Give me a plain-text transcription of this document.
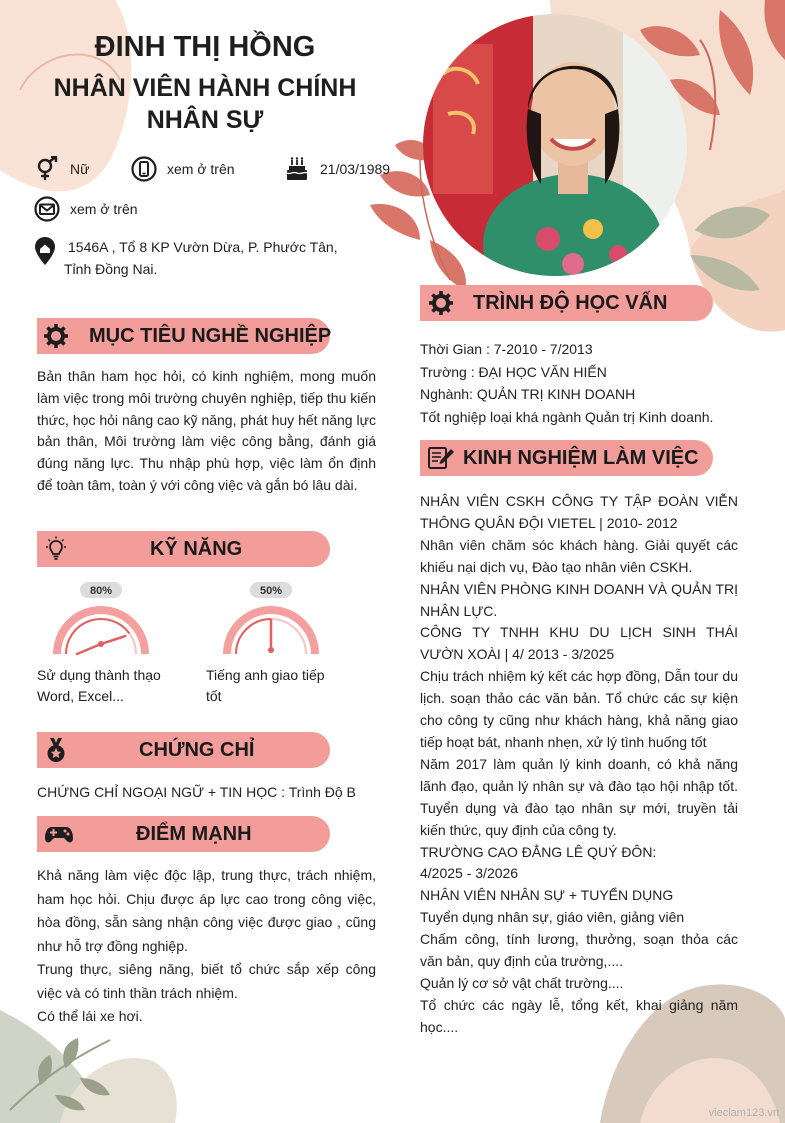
ĐINH THỊ HỒNG
NHÂN VIÊN HÀNH CHÍNH
NHÂN SỰ
Nữ	xem ở trên	21/03/1989
xem ở trên
1546A , Tổ 8 KP Vườn Dừa, P. Phước Tân,
Tỉnh Đồng Nai.
MỤC TIÊU NGHỀ NGHIỆP
Bản thân ham học hỏi, có kinh nghiệm, mong muốn làm việc trong môi trường chuyên nghiệp, tiếp thu kiến thức, học hỏi nâng cao kỹ năng, phát huy hết năng lực bản thân, Môi trường làm việc công bằng, đánh giá đúng năng lực. Thu nhập phù hợp, việc làm ổn định để toàn tâm, toàn ý với công việc và gắn bó lâu dài.
KỸ NĂNG
80%
Sử dụng thành thạo
Word, Excel...
50%
Tiếng anh giao tiếp
tốt
CHỨNG CHỈ
CHỨNG CHỈ NGOẠI NGỮ + TIN HỌC : Trình Độ B
ĐIỂM MẠNH
Khả năng làm việc độc lập, trung thực, trách nhiệm, ham học hỏi. Chịu được áp lực cao trong công việc, hòa đồng, sẵn sàng nhận công việc được giao , cũng như hỗ trợ đồng nghiệp.
Trung thực, siêng năng, biết tổ chức sắp xếp công việc và có tinh thần trách nhiệm.
Có thể lái xe hơi.
TRÌNH ĐỘ HỌC VẤN
Thời Gian : 7-2010 - 7/2013
Trường : ĐẠI HỌC VĂN HIẾN
Nghành: QUẢN TRỊ KINH DOANH
Tốt nghiệp loại khá ngành Quản trị Kinh doanh.
KINH NGHIỆM LÀM VIỆC
NHÂN VIÊN CSKH CÔNG TY TẬP ĐOÀN VIỄN THÔNG QUÂN ĐỘI VIETEL | 2010- 2012
Nhân viên chăm sóc khách hàng. Giải quyết các khiếu nại dịch vụ, Đào tạo nhân viên CSKH.
NHÂN VIÊN PHÒNG KINH DOANH VÀ QUẢN TRỊ NHÂN LỰC.
CÔNG TY TNHH KHU DU LỊCH SINH THÁI VƯỜN XOÀI | 4/ 2013 - 3/2025
Chịu trách nhiệm ký kết các hợp đồng, Dẫn tour du lịch. soạn thảo các văn bản. Tổ chức các sự kiện cho công ty cũng như khách hàng, khả năng giao tiếp hoạt bát, nhanh nhẹn, xử lý tình huống tốt
Năm 2017 làm quản lý kinh doanh, có khả năng lãnh đạo, quản lý nhân sự và đào tạo hội nhập tốt. Tuyển dụng và đào tạo nhân sự mới, truyền tải kiến thức, quy định của công ty.
TRƯỜNG CAO ĐẲNG LÊ QUÝ ĐÔN:
4/2025 - 3/2026
NHÂN VIÊN NHÂN SỰ + TUYỂN DỤNG
Tuyển dụng nhân sự, giáo viên, giảng viên
Chấm công, tính lương, thưởng, soạn thỏa các văn bản, quy định của trường,....
Quản lý cơ sở vật chất trường....
Tổ chức các ngày lễ, tổng kết, khai giảng năm học....
vieclam123.vn
